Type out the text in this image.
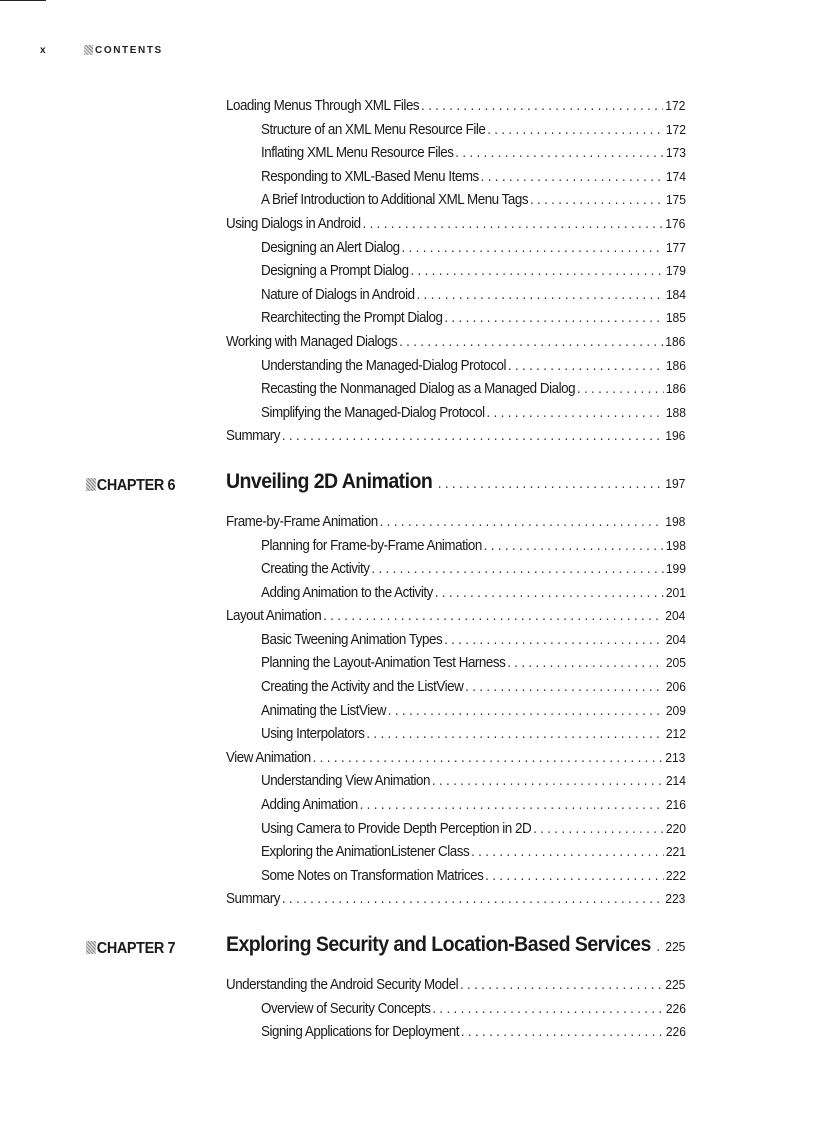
x	CONTENTS
Loading Menus Through XML Files . . .	172
Structure of an XML Menu Resource File . . .	172
Inflating XML Menu Resource Files . . .	173
Responding to XML-Based Menu Items . . .	174
A Brief Introduction to Additional XML Menu Tags . . .	175
Using Dialogs in Android . . .	176
Designing an Alert Dialog . . .	177
Designing a Prompt Dialog . . .	179
Nature of Dialogs in Android . . .	184
Rearchitecting the Prompt Dialog . . .	185
Working with Managed Dialogs . . .	186
Understanding the Managed-Dialog Protocol . . .	186
Recasting the Nonmanaged Dialog as a Managed Dialog . . .	186
Simplifying the Managed-Dialog Protocol . . .	188
Summary . . .	196
CHAPTER 6 Unveiling 2D Animation . . .	197
Frame-by-Frame Animation . . .	198
Planning for Frame-by-Frame Animation . . .	198
Creating the Activity . . .	199
Adding Animation to the Activity . . .	201
Layout Animation . . .	204
Basic Tweening Animation Types . . .	204
Planning the Layout-Animation Test Harness . . .	205
Creating the Activity and the ListView . . .	206
Animating the ListView . . .	209
Using Interpolators . . .	212
View Animation . . .	213
Understanding View Animation . . .	214
Adding Animation . . .	216
Using Camera to Provide Depth Perception in 2D . . .	220
Exploring the AnimationListener Class . . .	221
Some Notes on Transformation Matrices . . .	222
Summary . . .	223
CHAPTER 7 Exploring Security and Location-Based Services . . . 225
Understanding the Android Security Model . . .	225
Overview of Security Concepts . . .	226
Signing Applications for Deployment . . .	226
